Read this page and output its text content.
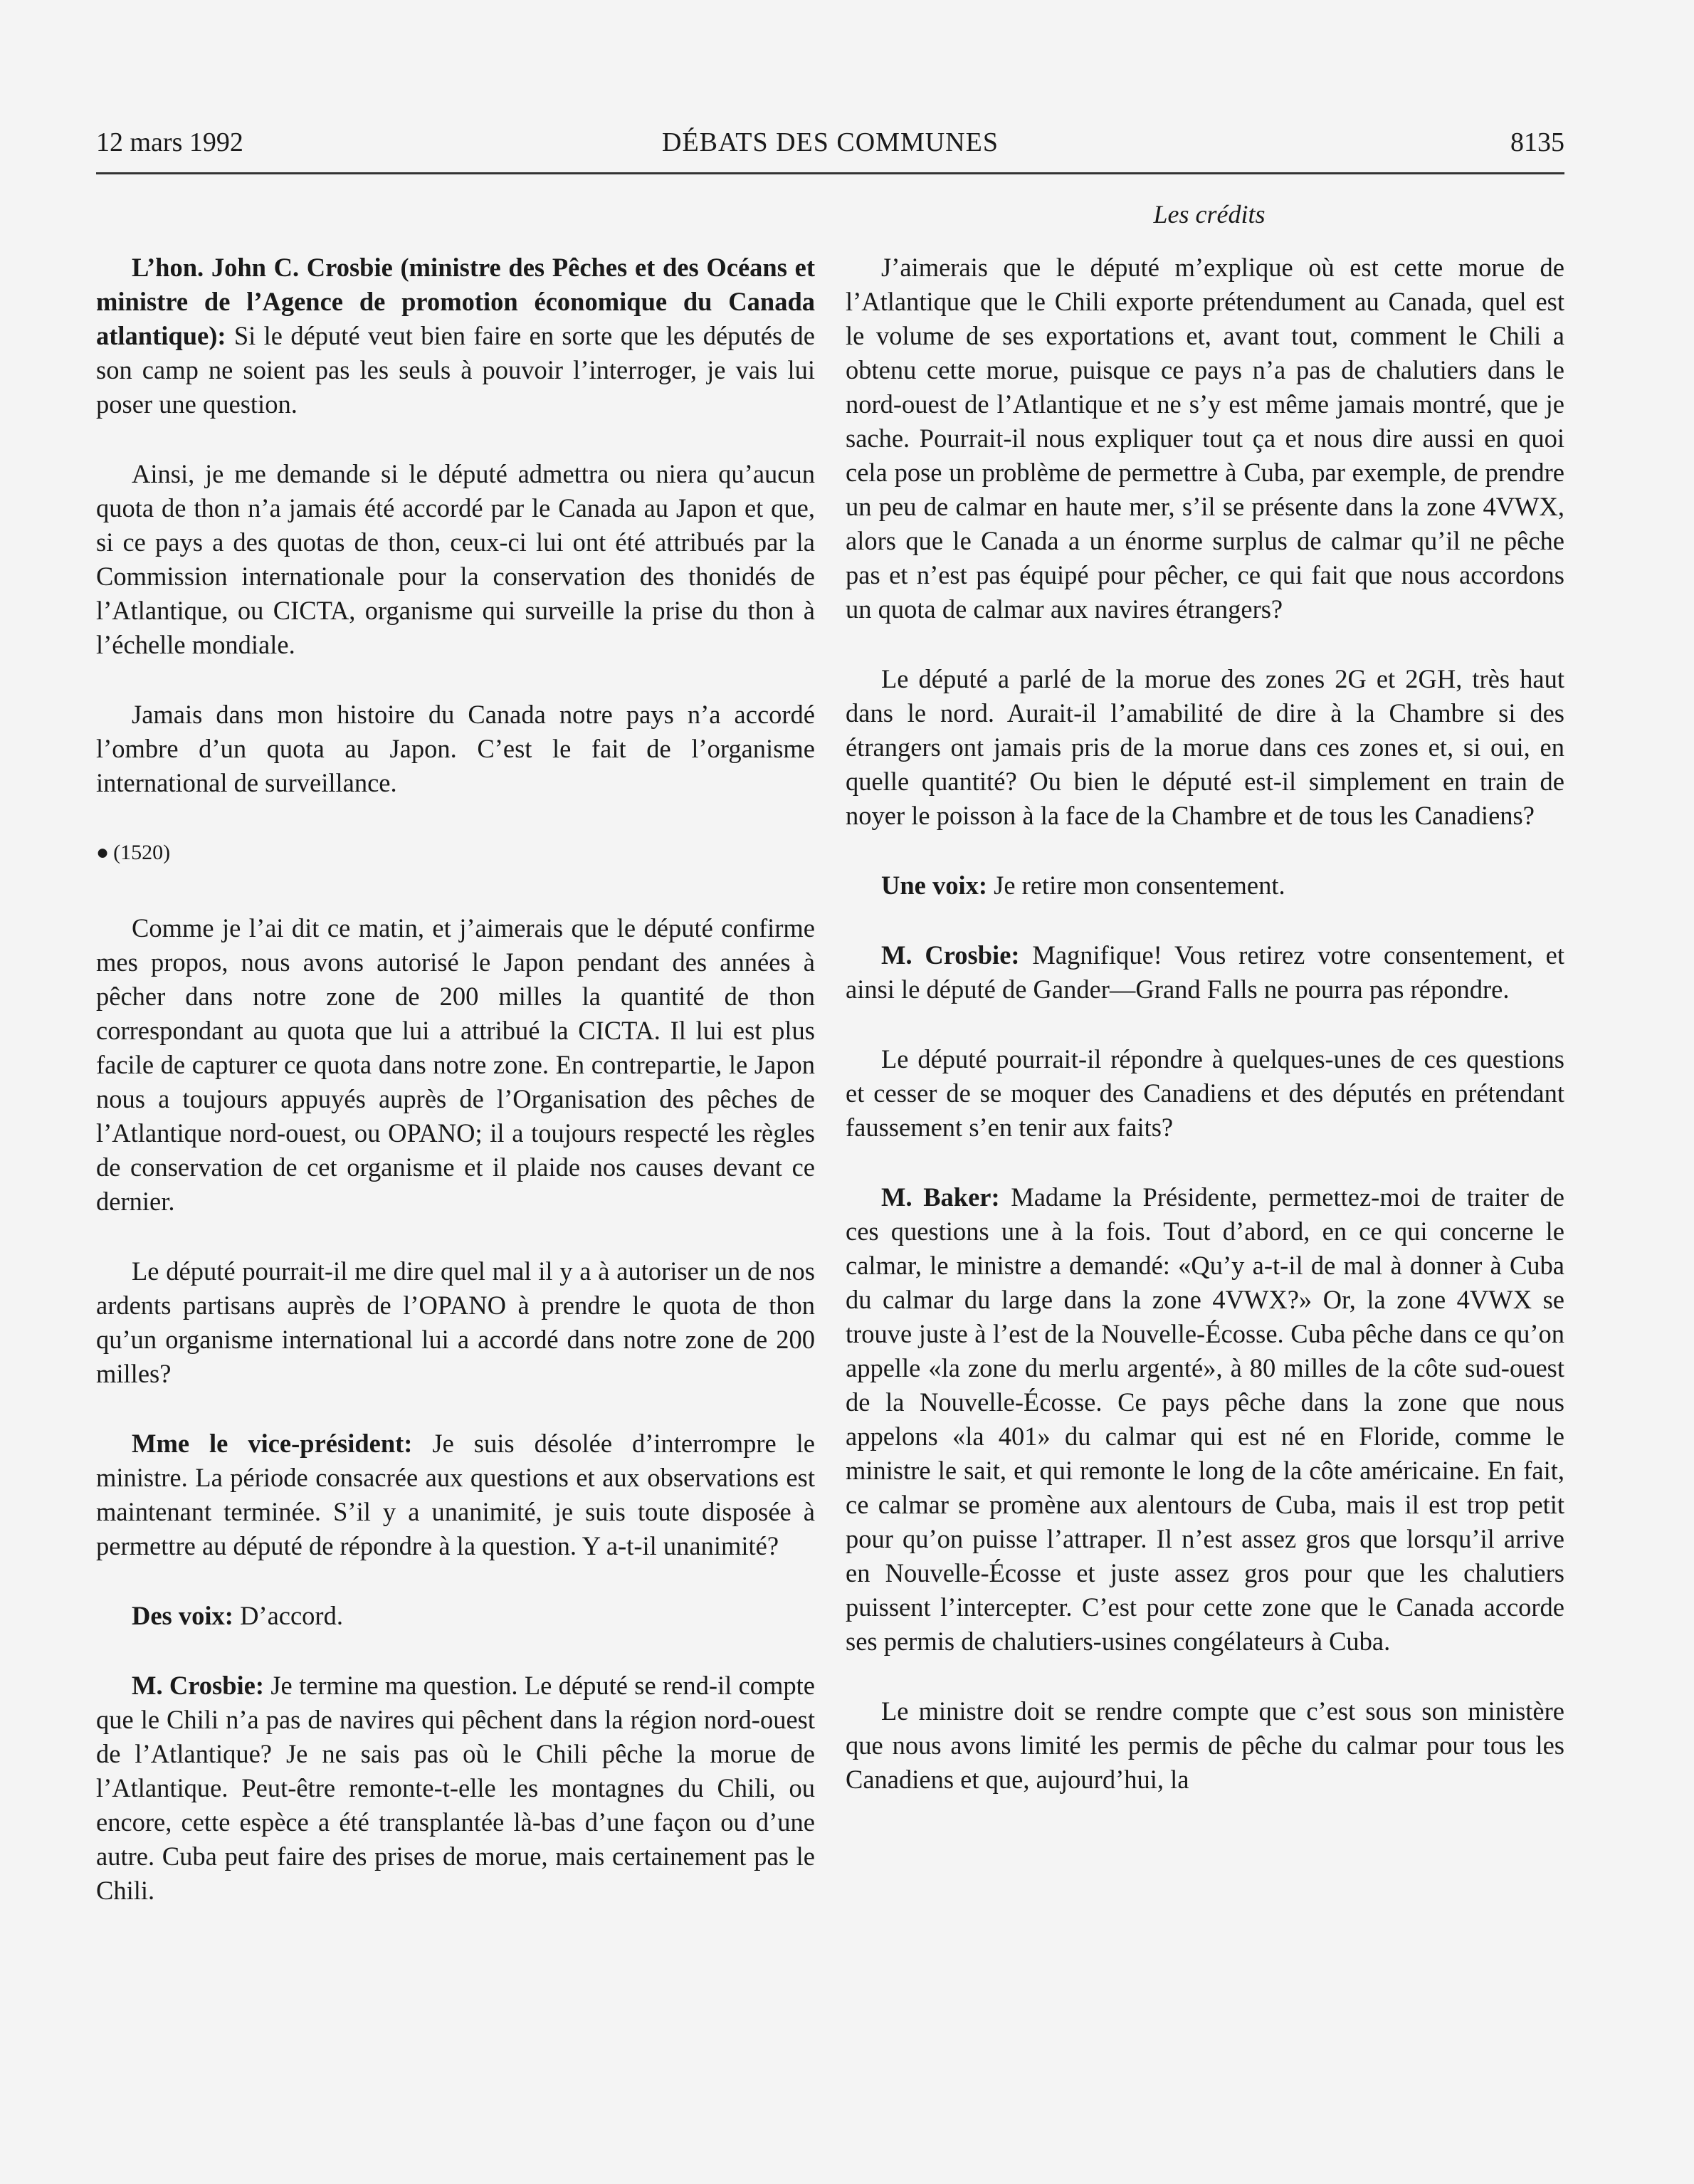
12 mars 1992	DÉBATS DES COMMUNES	8135
Les crédits

L’hon. John C. Crosbie (ministre des Pêches et des Océans et ministre de l’Agence de promotion économique du Canada atlantique): Si le député veut bien faire en sorte que les députés de son camp ne soient pas les seuls à pouvoir l’interroger, je vais lui poser une question.

Ainsi, je me demande si le député admettra ou niera qu’aucun quota de thon n’a jamais été accordé par le Canada au Japon et que, si ce pays a des quotas de thon, ceux-ci lui ont été attribués par la Commission internationale pour la conservation des thonidés de l’Atlantique, ou CICTA, organisme qui surveille la prise du thon à l’échelle mondiale.

Jamais dans mon histoire du Canada notre pays n’a accordé l’ombre d’un quota au Japon. C’est le fait de l’organisme international de surveillance.

● (1520)

Comme je l’ai dit ce matin, et j’aimerais que le député confirme mes propos, nous avons autorisé le Japon pendant des années à pêcher dans notre zone de 200 milles la quantité de thon correspondant au quota que lui a attribué la CICTA. Il lui est plus facile de capturer ce quota dans notre zone. En contrepartie, le Japon nous a toujours appuyés auprès de l’Organisation des pêches de l’Atlantique nord-ouest, ou OPANO; il a toujours respecté les règles de conservation de cet organisme et il plaide nos causes devant ce dernier.

Le député pourrait-il me dire quel mal il y a à autoriser un de nos ardents partisans auprès de l’OPANO à prendre le quota de thon qu’un organisme international lui a accordé dans notre zone de 200 milles?

Mme le vice-président: Je suis désolée d’interrompre le ministre. La période consacrée aux questions et aux observations est maintenant terminée. S’il y a unanimité, je suis toute disposée à permettre au député de répondre à la question. Y a-t-il unanimité?

Des voix: D’accord.

M. Crosbie: Je termine ma question. Le député se rend-il compte que le Chili n’a pas de navires qui pêchent dans la région nord-ouest de l’Atlantique? Je ne sais pas où le Chili pêche la morue de l’Atlantique. Peut-être remonte-t-elle les montagnes du Chili, ou encore, cette espèce a été transplantée là-bas d’une façon ou d’une autre. Cuba peut faire des prises de morue, mais certainement pas le Chili.

J’aimerais que le député m’explique où est cette morue de l’Atlantique que le Chili exporte prétendument au Canada, quel est le volume de ses exportations et, avant tout, comment le Chili a obtenu cette morue, puisque ce pays n’a pas de chalutiers dans le nord-ouest de l’Atlantique et ne s’y est même jamais montré, que je sache. Pourrait-il nous expliquer tout ça et nous dire aussi en quoi cela pose un problème de permettre à Cuba, par exemple, de prendre un peu de calmar en haute mer, s’il se présente dans la zone 4VWX, alors que le Canada a un énorme surplus de calmar qu’il ne pêche pas et n’est pas équipé pour pêcher, ce qui fait que nous accordons un quota de calmar aux navires étrangers?

Le député a parlé de la morue des zones 2G et 2GH, très haut dans le nord. Aurait-il l’amabilité de dire à la Chambre si des étrangers ont jamais pris de la morue dans ces zones et, si oui, en quelle quantité? Ou bien le député est-il simplement en train de noyer le poisson à la face de la Chambre et de tous les Canadiens?

Une voix: Je retire mon consentement.

M. Crosbie: Magnifique! Vous retirez votre consentement, et ainsi le député de Gander—Grand Falls ne pourra pas répondre.

Le député pourrait-il répondre à quelques-unes de ces questions et cesser de se moquer des Canadiens et des députés en prétendant faussement s’en tenir aux faits?

M. Baker: Madame la Présidente, permettez-moi de traiter de ces questions une à la fois. Tout d’abord, en ce qui concerne le calmar, le ministre a demandé: «Qu’y a-t-il de mal à donner à Cuba du calmar du large dans la zone 4VWX?» Or, la zone 4VWX se trouve juste à l’est de la Nouvelle-Écosse. Cuba pêche dans ce qu’on appelle «la zone du merlu argenté», à 80 milles de la côte sud-ouest de la Nouvelle-Écosse. Ce pays pêche dans la zone que nous appelons «la 401» du calmar qui est né en Floride, comme le ministre le sait, et qui remonte le long de la côte américaine. En fait, ce calmar se promène aux alentours de Cuba, mais il est trop petit pour qu’on puisse l’attraper. Il n’est assez gros que lorsqu’il arrive en Nouvelle-Écosse et juste assez gros pour que les chalutiers puissent l’intercepter. C’est pour cette zone que le Canada accorde ses permis de chalutiers-usines congélateurs à Cuba.

Le ministre doit se rendre compte que c’est sous son ministère que nous avons limité les permis de pêche du calmar pour tous les Canadiens et que, aujourd’hui, la
